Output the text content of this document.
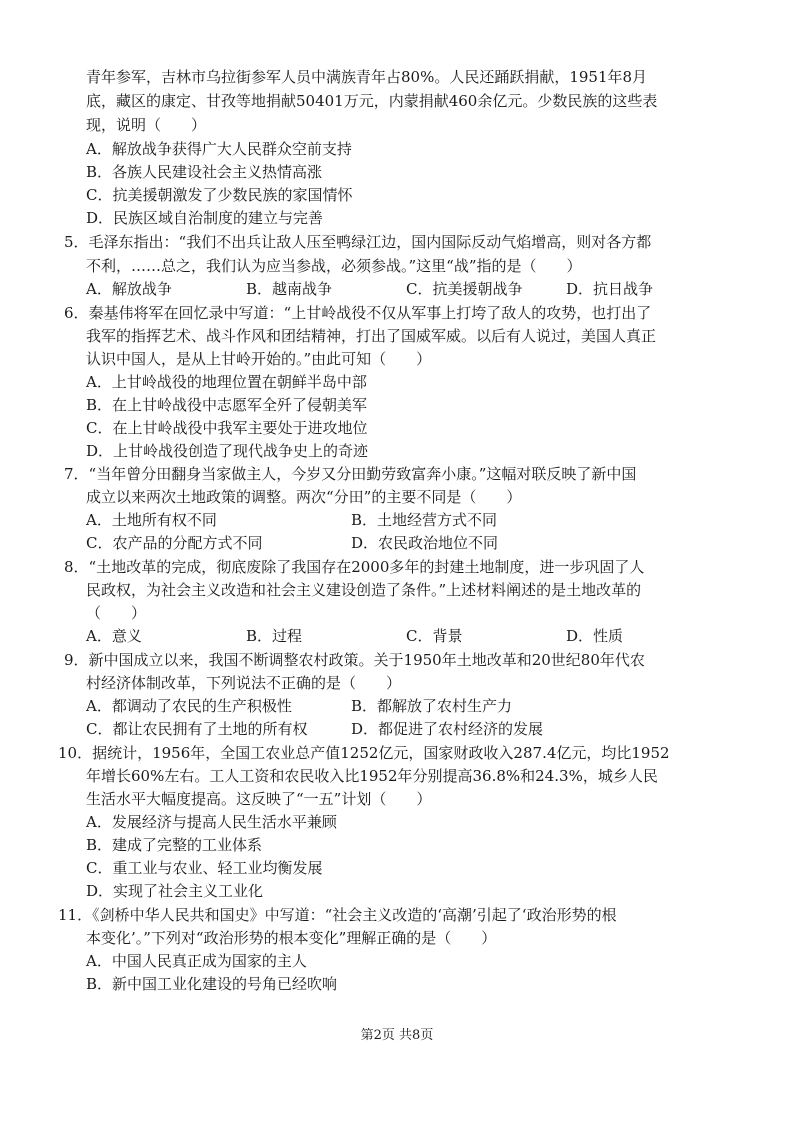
青年参军，吉林市乌拉街参军人员中满族青年占80%。人民还踊跃捐献，1951年8月
底，藏区的康定、甘孜等地捐献50401万元，内蒙捐献460余亿元。少数民族的这些表
现，说明（　　）
A．解放战争获得广大人民群众空前支持
B．各族人民建设社会主义热情高涨
C．抗美援朝激发了少数民族的家国情怀
D．民族区域自治制度的建立与完善
5．毛泽东指出：“我们不出兵让敌人压至鸭绿江边，国内国际反动气焰增高，则对各方都
不利，……总之，我们认为应当参战，必须参战。”这里“战”指的是（　　）
A．解放战争	B．越南战争	C．抗美援朝战争	D．抗日战争
6．秦基伟将军在回忆录中写道：“上甘岭战役不仅从军事上打垮了敌人的攻势，也打出了
我军的指挥艺术、战斗作风和团结精神，打出了国威军威。以后有人说过，美国人真正
认识中国人，是从上甘岭开始的。”由此可知（　　）
A．上甘岭战役的地理位置在朝鲜半岛中部
B．在上甘岭战役中志愿军全歼了侵朝美军
C．在上甘岭战役中我军主要处于进攻地位
D．上甘岭战役创造了现代战争史上的奇迹
7．“当年曾分田翻身当家做主人，今岁又分田勤劳致富奔小康。”这幅对联反映了新中国
成立以来两次土地政策的调整。两次“分田”的主要不同是（　　）
A．土地所有权不同	B．土地经营方式不同
C．农产品的分配方式不同	D．农民政治地位不同
8．“土地改革的完成，彻底废除了我国存在2000多年的封建土地制度，进一步巩固了人
民政权，为社会主义改造和社会主义建设创造了条件。”上述材料阐述的是土地改革的
（　　）
A．意义	B．过程	C．背景	D．性质
9．新中国成立以来，我国不断调整农村政策。关于1950年土地改革和20世纪80年代农
村经济体制改革，下列说法不正确的是（　　）
A．都调动了农民的生产积极性	B．都解放了农村生产力
C．都让农民拥有了土地的所有权	D．都促进了农村经济的发展
10．据统计，1956年，全国工农业总产值1252亿元，国家财政收入287.4亿元，均比1952
年增长60%左右。工人工资和农民收入比1952年分别提高36.8%和24.3%，城乡人民
生活水平大幅度提高。这反映了“一五”计划（　　）
A．发展经济与提高人民生活水平兼顾
B．建成了完整的工业体系
C．重工业与农业、轻工业均衡发展
D．实现了社会主义工业化
11．《剑桥中华人民共和国史》中写道：“社会主义改造的‘高潮’引起了‘政治形势的根
本变化’。”下列对“政治形势的根本变化”理解正确的是（　　）
A．中国人民真正成为国家的主人
B．新中国工业化建设的号角已经吹响
第2页 共8页
